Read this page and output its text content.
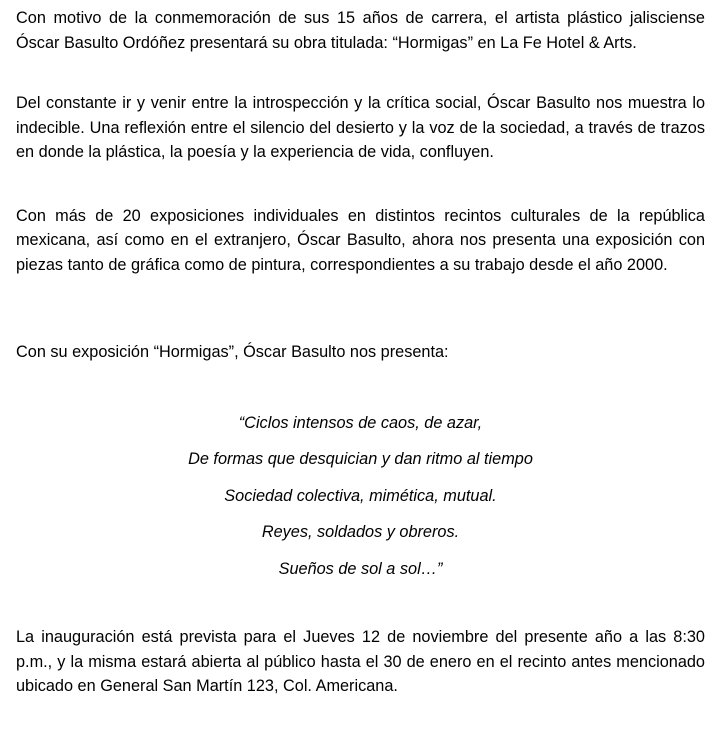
Con motivo de la conmemoración de sus 15 años de carrera, el artista plástico jalisciense Óscar Basulto Ordóñez presentará su obra titulada: “Hormigas” en La Fe Hotel & Arts.

Del constante ir y venir entre la introspección y la crítica social, Óscar Basulto nos muestra lo indecible. Una reflexión entre el silencio del desierto y la voz de la sociedad, a través de trazos en donde la plástica, la poesía y la experiencia de vida, confluyen.

Con más de 20 exposiciones individuales en distintos recintos culturales de la república mexicana, así como en el extranjero, Óscar Basulto, ahora nos presenta una exposición con piezas tanto de gráfica como de pintura, correspondientes a su trabajo desde el año 2000.

Con su exposición “Hormigas”, Óscar Basulto nos presenta:

“Ciclos intensos de caos, de azar,

De formas que desquician y dan ritmo al tiempo

Sociedad colectiva, mimética, mutual.

Reyes, soldados y obreros.

Sueños de sol a sol…”

La inauguración está prevista para el Jueves 12 de noviembre del presente año a las 8:30 p.m., y la misma estará abierta al público hasta el 30 de enero en el recinto antes mencionado ubicado en General San Martín 123, Col. Americana.
